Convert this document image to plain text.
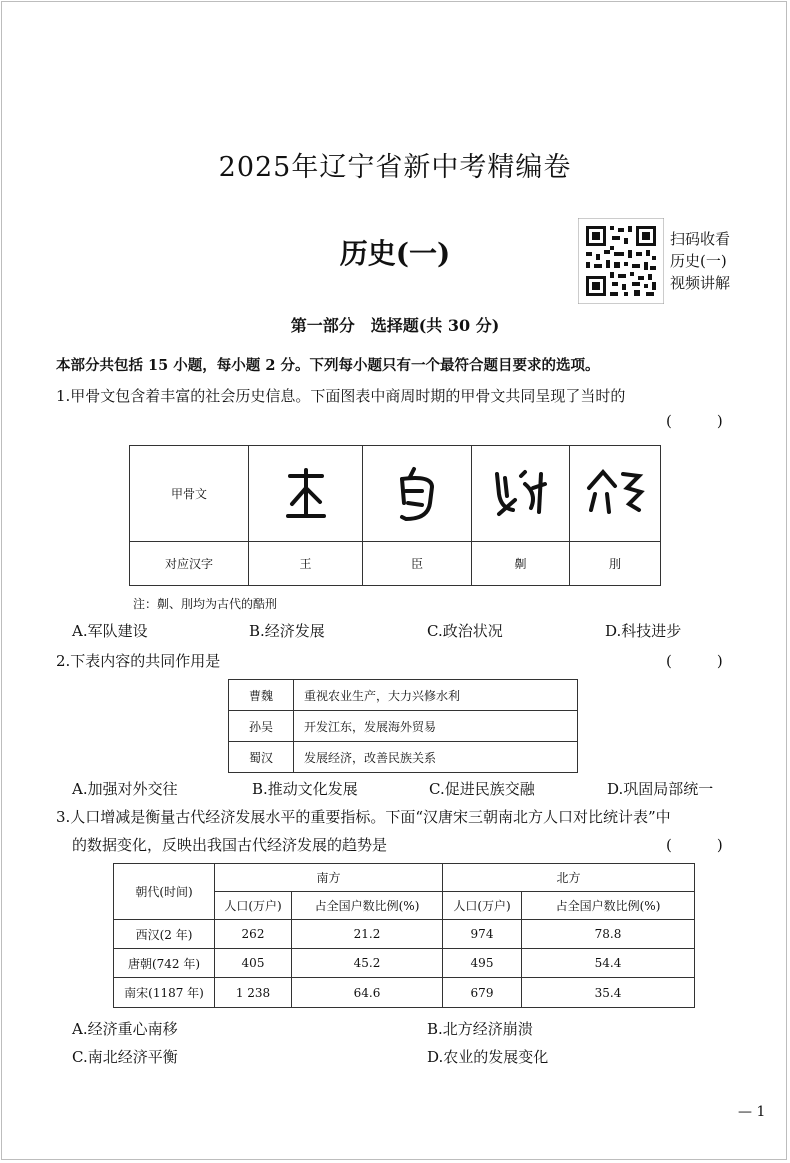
2025年辽宁省新中考精编卷
历史(一)	扫码收看
历史(一)
视频讲解
第一部分　选择题(共 30 分)
本部分共包括 15 小题，每小题 2 分。下列每小题只有一个最符合题目要求的选项。
1.甲骨文包含着丰富的社会历史信息。下面图表中商周时期的甲骨文共同呈现了当时的
(　　　)
甲骨文	

对应汉字	王	臣	劓	刖
注：劓、刖均为古代的酷刑
A.军队建设	B.经济发展	C.政治状况	D.科技进步
2.下表内容的共同作用是	(　　　)
曹魏	重视农业生产，大力兴修水利
孙吴	开发江东，发展海外贸易
蜀汉	发展经济，改善民族关系
A.加强对外交往	B.推动文化发展	C.促进民族交融	D.巩固局部统一
3.人口增减是衡量古代经济发展水平的重要指标。下面“汉唐宋三朝南北方人口对比统计表”中
的数据变化，反映出我国古代经济发展的趋势是	(　　　)
朝代(时间)	南方		北方	
	人口(万户)	占全国户数比例(%)	人口(万户)	占全国户数比例(%)
西汉(2 年)	262	21.2	974	78.8
唐朝(742 年)	405	45.2	495	54.4
南宋(1187 年)	1 238	64.6	679	35.4
A.经济重心南移	B.北方经济崩溃
C.南北经济平衡	D.农业的发展变化
— 1
